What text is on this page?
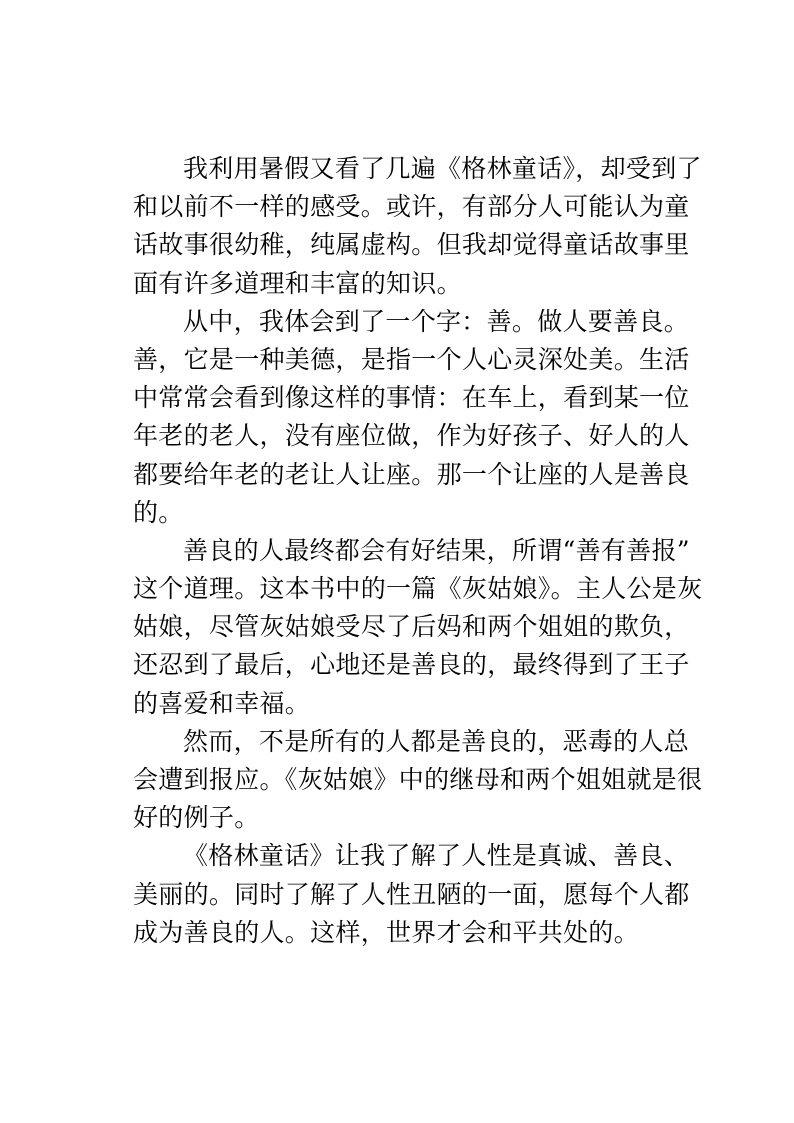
我利用暑假又看了几遍《格林童话》，却受到了
和以前不一样的感受。或许，有部分人可能认为童
话故事很幼稚，纯属虚构。但我却觉得童话故事里
面有许多道理和丰富的知识。
从中，我体会到了一个字：善。做人要善良。
善，它是一种美德，是指一个人心灵深处美。生活
中常常会看到像这样的事情：在车上，看到某一位
年老的老人，没有座位做，作为好孩子、好人的人
都要给年老的老让人让座。那一个让座的人是善良
的。
善良的人最终都会有好结果，所谓“善有善报”
这个道理。这本书中的一篇《灰姑娘》。主人公是灰
姑娘，尽管灰姑娘受尽了后妈和两个姐姐的欺负，
还忍到了最后，心地还是善良的，最终得到了王子
的喜爱和幸福。
然而，不是所有的人都是善良的，恶毒的人总
会遭到报应。《灰姑娘》中的继母和两个姐姐就是很
好的例子。
《格林童话》让我了解了人性是真诚、善良、
美丽的。同时了解了人性丑陋的一面，愿每个人都
成为善良的人。这样，世界才会和平共处的。
